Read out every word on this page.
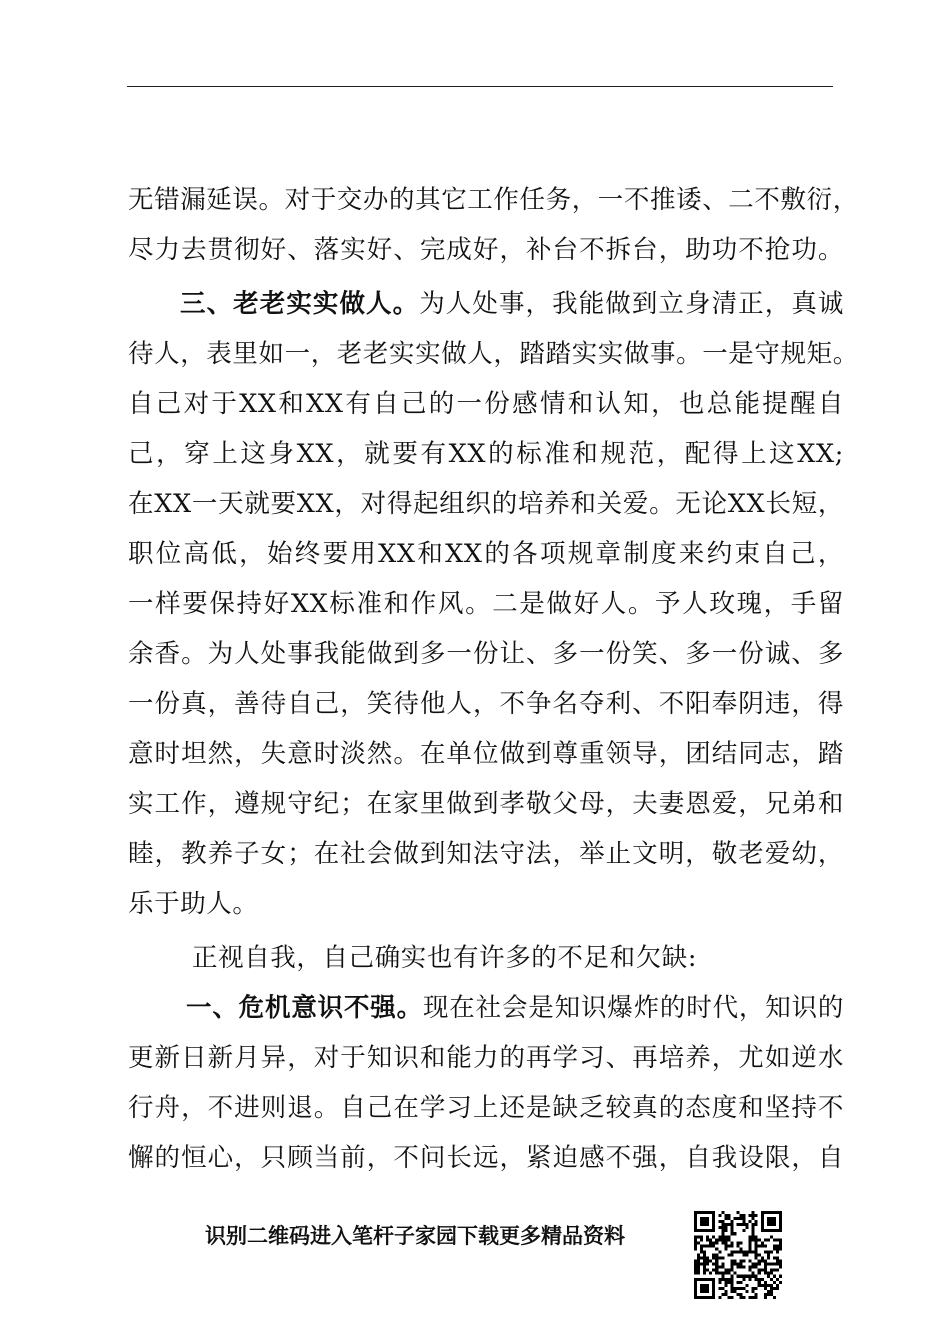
无错漏延误。对于交办的其它工作任务，一不推诿、二不敷衍，
尽力去贯彻好、落实好、完成好，补台不拆台，助功不抢功。
三、老老实实做人。为人处事，我能做到立身清正，真诚
待人，表里如一，老老实实做人，踏踏实实做事。一是守规矩。
自己对于XX和XX有自己的一份感情和认知，也总能提醒自
己，穿上这身XX，就要有XX的标准和规范，配得上这XX;
在XX一天就要XX，对得起组织的培养和关爱。无论XX长短，
职位高低，始终要用XX和XX的各项规章制度来约束自己，
一样要保持好XX标准和作风。二是做好人。予人玫瑰，手留
余香。为人处事我能做到多一份让、多一份笑、多一份诚、多
一份真，善待自己，笑待他人，不争名夺利、不阳奉阴违，得
意时坦然，失意时淡然。在单位做到尊重领导，团结同志，踏
实工作，遵规守纪；在家里做到孝敬父母，夫妻恩爱，兄弟和
睦，教养子女；在社会做到知法守法，举止文明，敬老爱幼，
乐于助人。
正视自我，自己确实也有许多的不足和欠缺:
一、危机意识不强。现在社会是知识爆炸的时代，知识的
更新日新月异，对于知识和能力的再学习、再培养，尤如逆水
行舟，不进则退。自己在学习上还是缺乏较真的态度和坚持不
懈的恒心，只顾当前，不问长远，紧迫感不强，自我设限，自
识别二维码进入笔杆子家园下载更多精品资料
